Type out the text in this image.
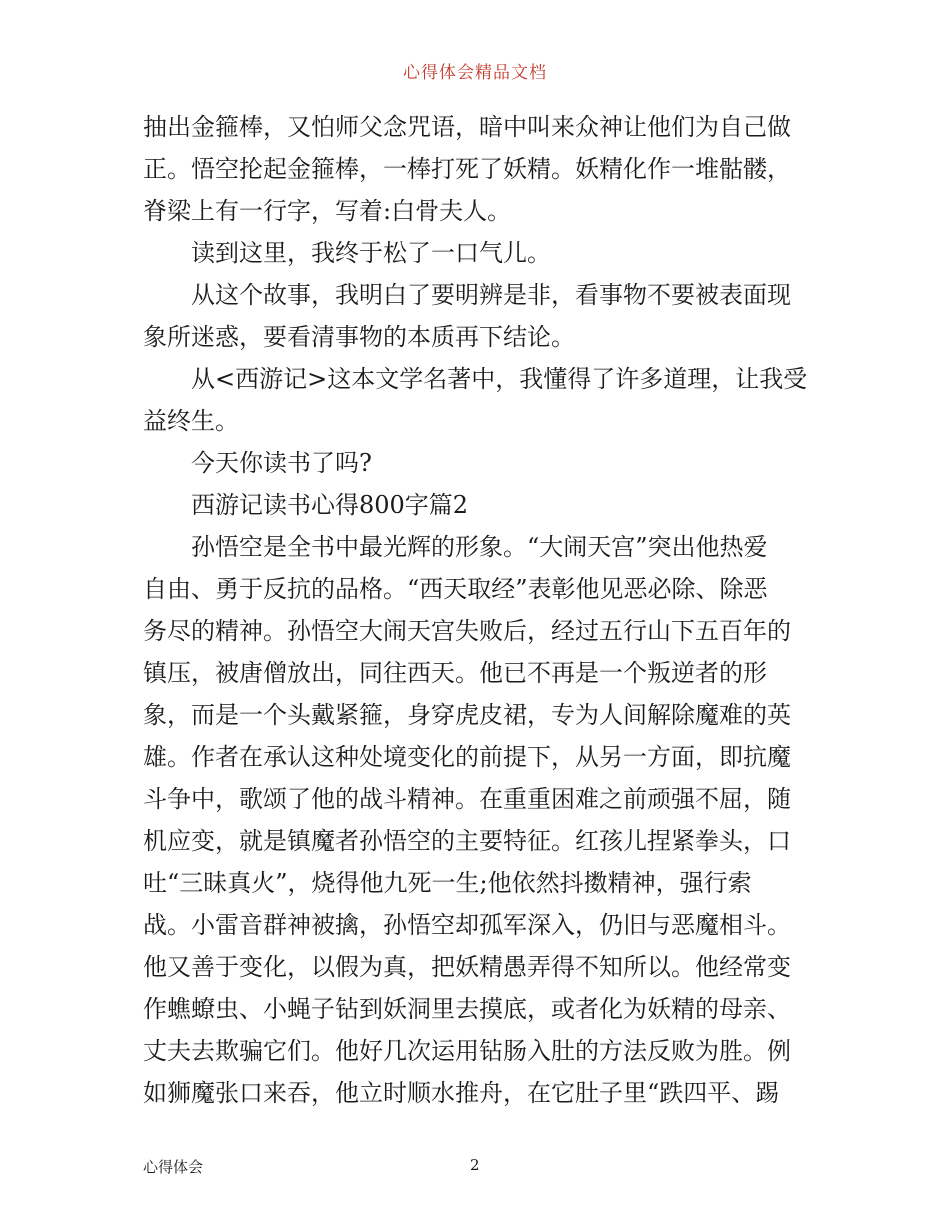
心得体会精品文档
抽出金箍棒，又怕师父念咒语，暗中叫来众神让他们为自己做
正。悟空抡起金箍棒，一棒打死了妖精。妖精化作一堆骷髅，
脊梁上有一行字，写着:白骨夫人。
　　读到这里，我终于松了一口气儿。
　　从这个故事，我明白了要明辨是非，看事物不要被表面现
象所迷惑，要看清事物的本质再下结论。
　　从<西游记>这本文学名著中，我懂得了许多道理，让我受
益终生。
　　今天你读书了吗?
　　西游记读书心得800字篇2
　　孙悟空是全书中最光辉的形象。“大闹天宫”突出他热爱
自由、勇于反抗的品格。“西天取经”表彰他见恶必除、除恶
务尽的精神。孙悟空大闹天宫失败后，经过五行山下五百年的
镇压，被唐僧放出，同往西天。他已不再是一个叛逆者的形
象，而是一个头戴紧箍，身穿虎皮裙，专为人间解除魔难的英
雄。作者在承认这种处境变化的前提下，从另一方面，即抗魔
斗争中，歌颂了他的战斗精神。在重重困难之前顽强不屈，随
机应变，就是镇魔者孙悟空的主要特征。红孩儿捏紧拳头，口
吐“三昧真火”，烧得他九死一生;他依然抖擞精神，强行索
战。小雷音群神被擒，孙悟空却孤军深入，仍旧与恶魔相斗。
他又善于变化，以假为真，把妖精愚弄得不知所以。他经常变
作蟭蟟虫、小蝇子钻到妖洞里去摸底，或者化为妖精的母亲、
丈夫去欺骗它们。他好几次运用钻肠入肚的方法反败为胜。例
如狮魔张口来吞，他立时顺水推舟，在它肚子里“跌四平、踢
心得体会	2
